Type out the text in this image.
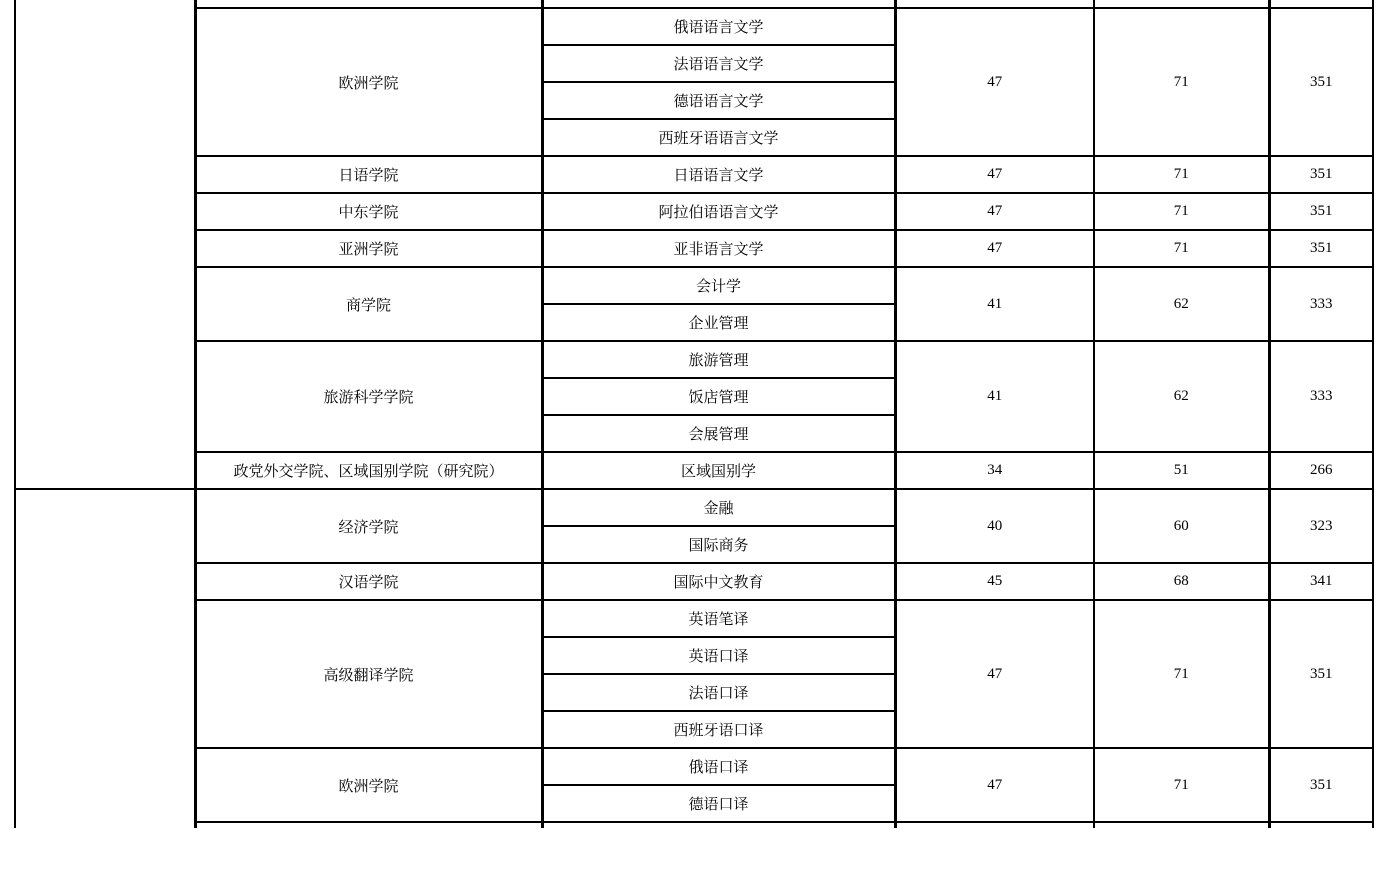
	欧洲学院	俄语语言文学	47	71	351
		法语语言文学			
		德语语言文学			
		西班牙语语言文学			
	日语学院	日语语言文学	47	71	351
	中东学院	阿拉伯语语言文学	47	71	351
	亚洲学院	亚非语言文学	47	71	351
	商学院	会计学	41	62	333
		企业管理			
	旅游科学学院	旅游管理	41	62	333
		饭店管理			
		会展管理			
	政党外交学院、区域国别学院（研究院）	区域国别学	34	51	266
	经济学院	金融	40	60	323
		国际商务			
	汉语学院	国际中文教育	45	68	341
	高级翻译学院	英语笔译	47	71	351
		英语口译			
		法语口译			
		西班牙语口译			
	欧洲学院	俄语口译	47	71	351
		德语口译			
